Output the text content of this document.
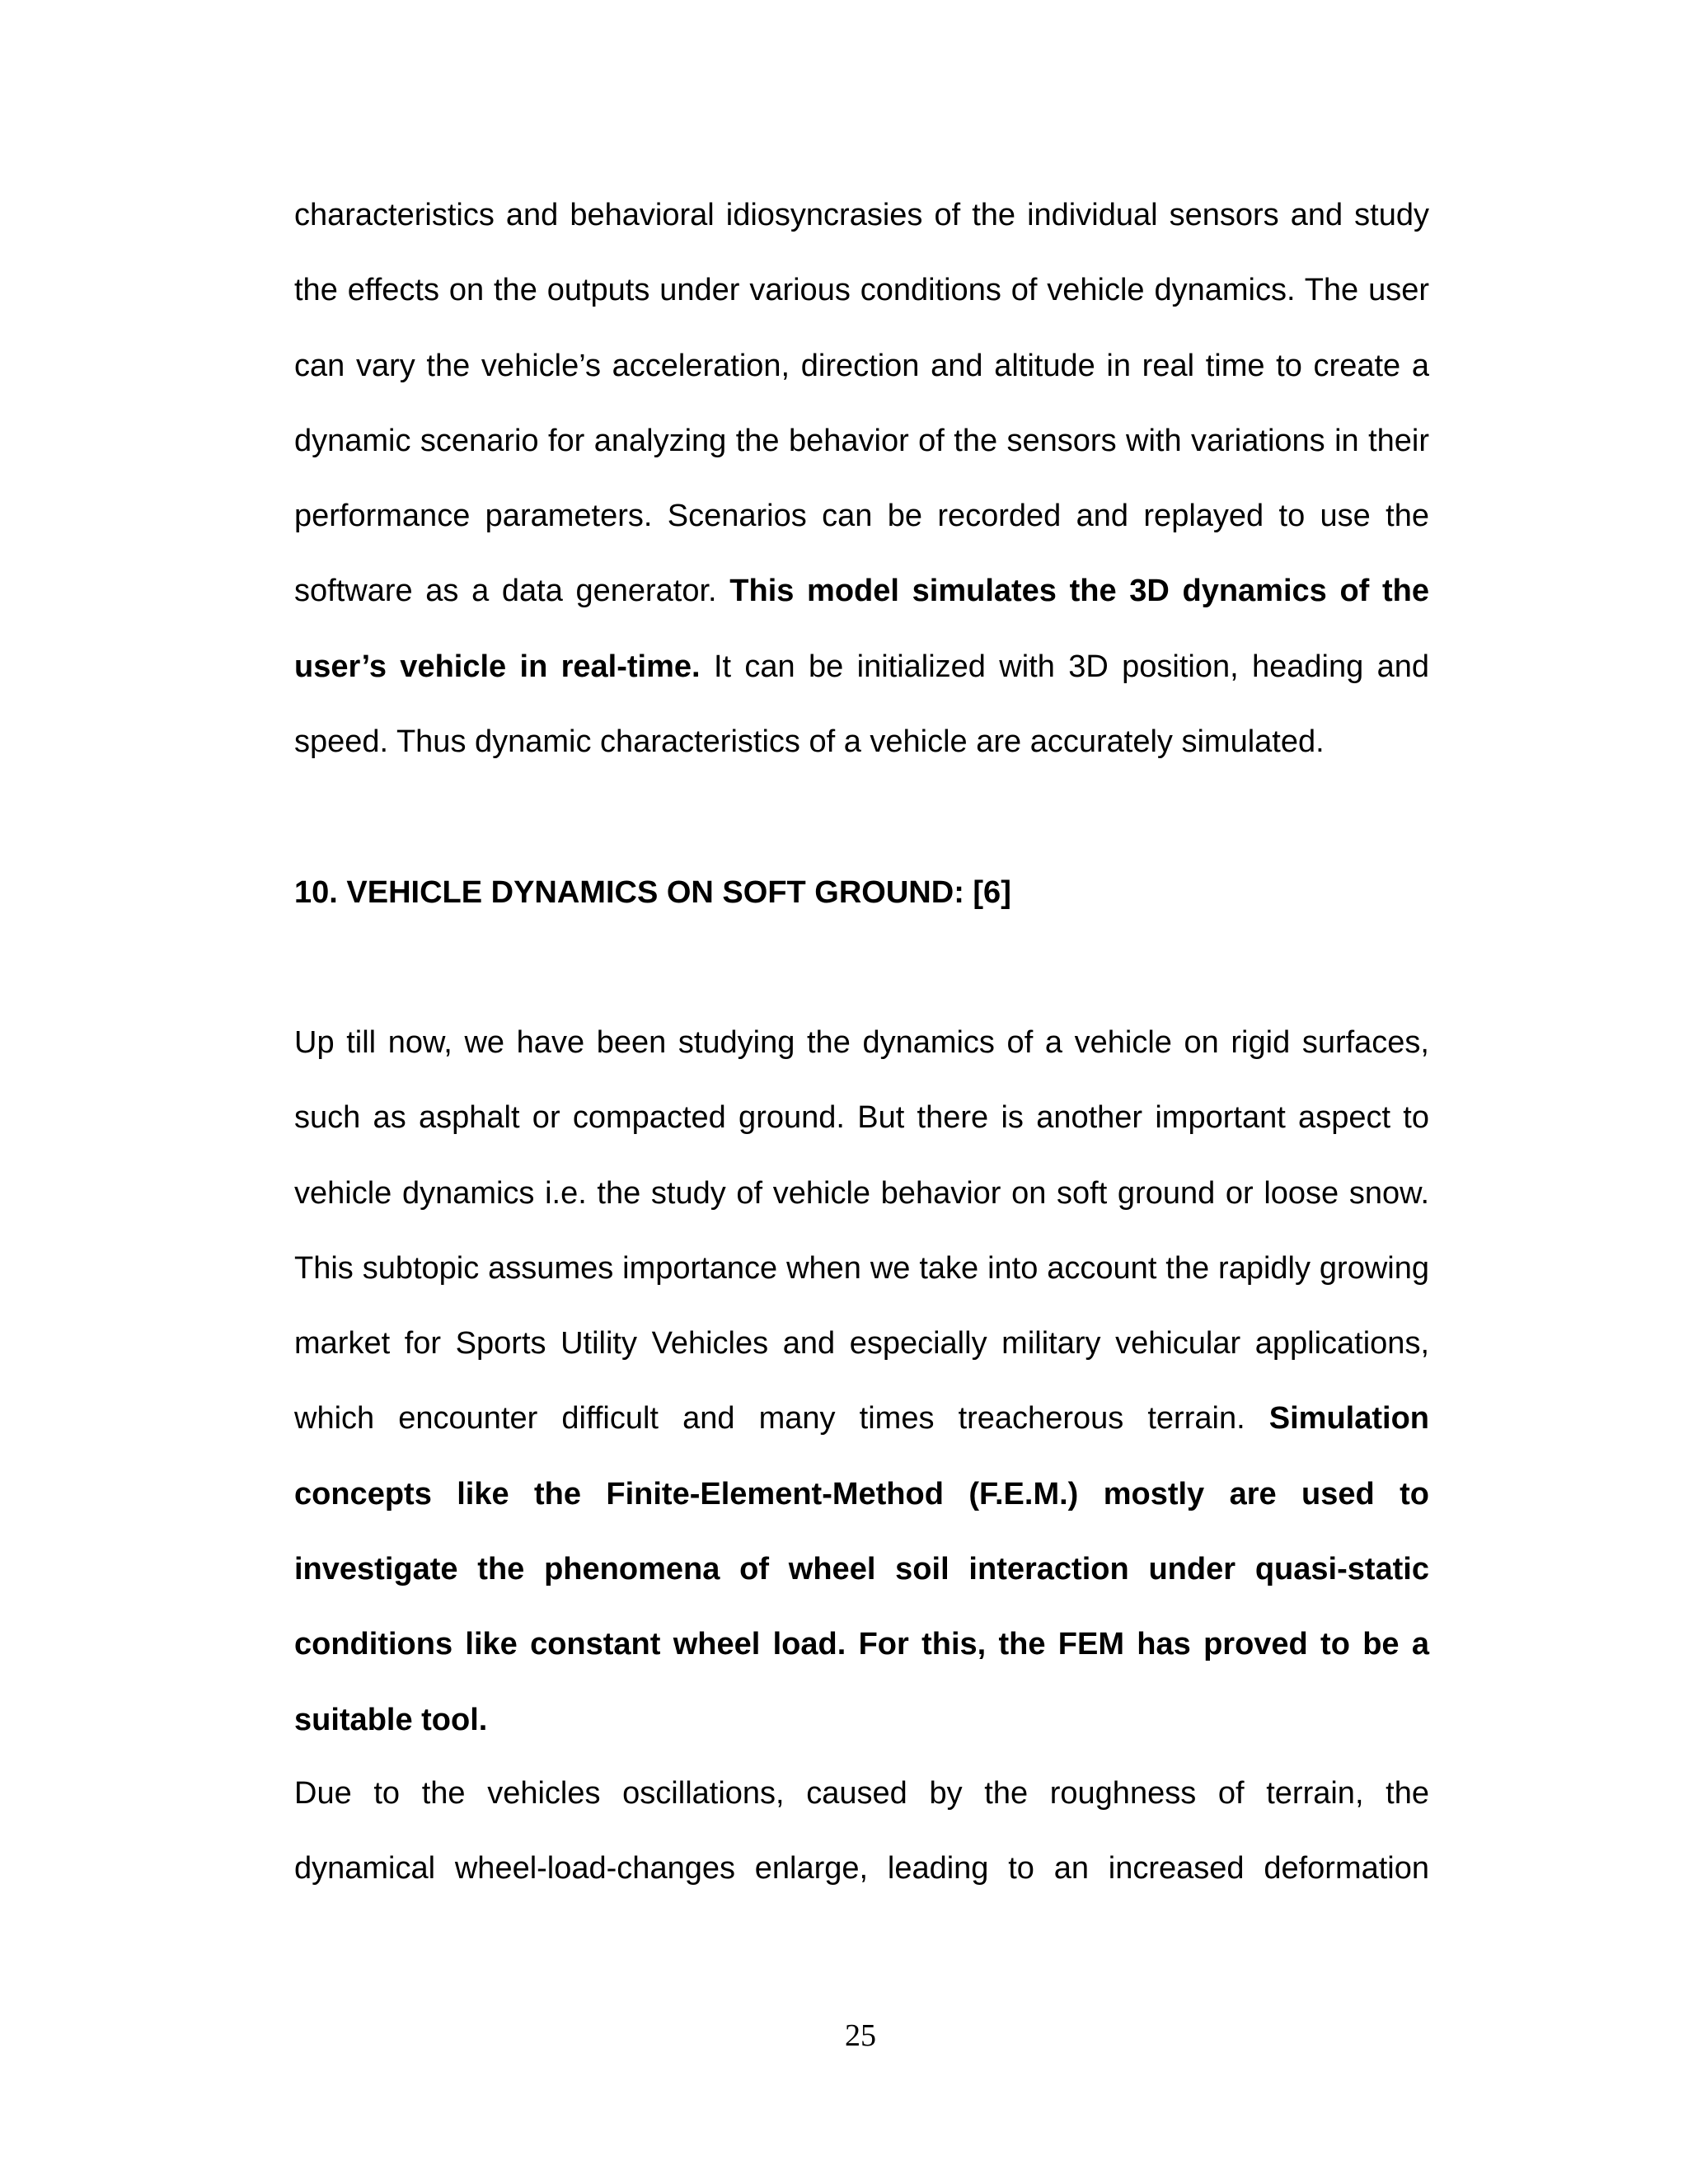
characteristics and behavioral idiosyncrasies of the individual sensors and study the effects on the outputs under various conditions of vehicle dynamics. The user can vary the vehicle’s acceleration, direction and altitude in real time to create a dynamic scenario for analyzing the behavior of the sensors with variations in their performance parameters. Scenarios can be recorded and replayed to use the software as a data generator. This model simulates the 3D dynamics of the user’s vehicle in real-time. It can be initialized with 3D position, heading and speed. Thus dynamic characteristics of a vehicle are accurately simulated.

10. VEHICLE DYNAMICS ON SOFT GROUND: [6]

Up till now, we have been studying the dynamics of a vehicle on rigid surfaces, such as asphalt or compacted ground. But there is another important aspect to vehicle dynamics i.e. the study of vehicle behavior on soft ground or loose snow. This subtopic assumes importance when we take into account the rapidly growing market for Sports Utility Vehicles and especially military vehicular applications, which encounter difficult and many times treacherous terrain. Simulation concepts like the Finite-Element-Method (F.E.M.) mostly are used to investigate the phenomena of wheel soil interaction under quasi-static conditions like constant wheel load. For this, the FEM has proved to be a suitable tool.

Due to the vehicles oscillations, caused by the roughness of terrain, the dynamical wheel-load-changes enlarge, leading to an increased deformation

25
